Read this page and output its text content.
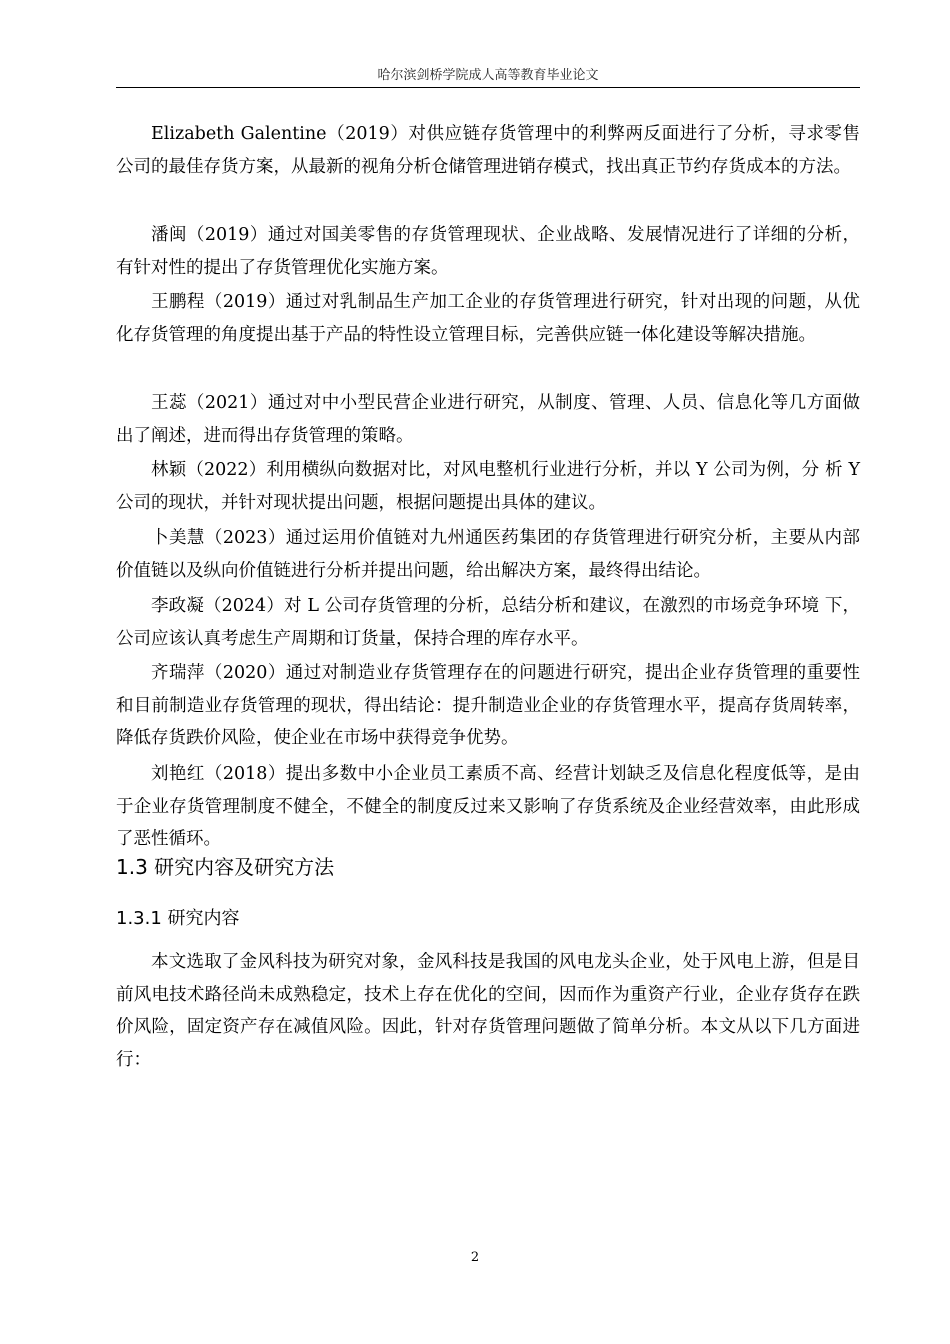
哈尔滨剑桥学院成人高等教育毕业论文

Elizabeth Galentine（2019）对供应链存货管理中的利弊两反面进行了分析，寻求零售公司的最佳存货方案，从最新的视角分析仓储管理进销存模式，找出真正节约存货成本的方法。

潘闽（2019）通过对国美零售的存货管理现状、企业战略、发展情况进行了详细的分析，有针对性的提出了存货管理优化实施方案。

王鹏程（2019）通过对乳制品生产加工企业的存货管理进行研究，针对出现的问题，从优化存货管理的角度提出基于产品的特性设立管理目标，完善供应链一体化建设等解决措施。

王蕊（2021）通过对中小型民营企业进行研究，从制度、管理、人员、信息化等几方面做出了阐述，进而得出存货管理的策略。

林颖（2022）利用横纵向数据对比，对风电整机行业进行分析，并以 Y 公司为例，分 析 Y 公司的现状，并针对现状提出问题，根据问题提出具体的建议。

卜美慧（2023）通过运用价值链对九州通医药集团的存货管理进行研究分析，主要从内部价值链以及纵向价值链进行分析并提出问题，给出解决方案，最终得出结论。

李政凝（2024）对 L 公司存货管理的分析，总结分析和建议，在激烈的市场竞争环境 下，公司应该认真考虑生产周期和订货量，保持合理的库存水平。

齐瑞萍（2020）通过对制造业存货管理存在的问题进行研究，提出企业存货管理的重要性和目前制造业存货管理的现状，得出结论：提升制造业企业的存货管理水平，提高存货周转率，降低存货跌价风险，使企业在市场中获得竞争优势。

刘艳红（2018）提出多数中小企业员工素质不高、经营计划缺乏及信息化程度低等，是由于企业存货管理制度不健全，不健全的制度反过来又影响了存货系统及企业经营效率，由此形成了恶性循环。

1.3 研究内容及研究方法
1.3.1 研究内容

本文选取了金风科技为研究对象，金风科技是我国的风电龙头企业，处于风电上游，但是目前风电技术路径尚未成熟稳定，技术上存在优化的空间，因而作为重资产行业，企业存货存在跌价风险，固定资产存在减值风险。因此，针对存货管理问题做了简单分析。本文从以下几方面进行：

2
